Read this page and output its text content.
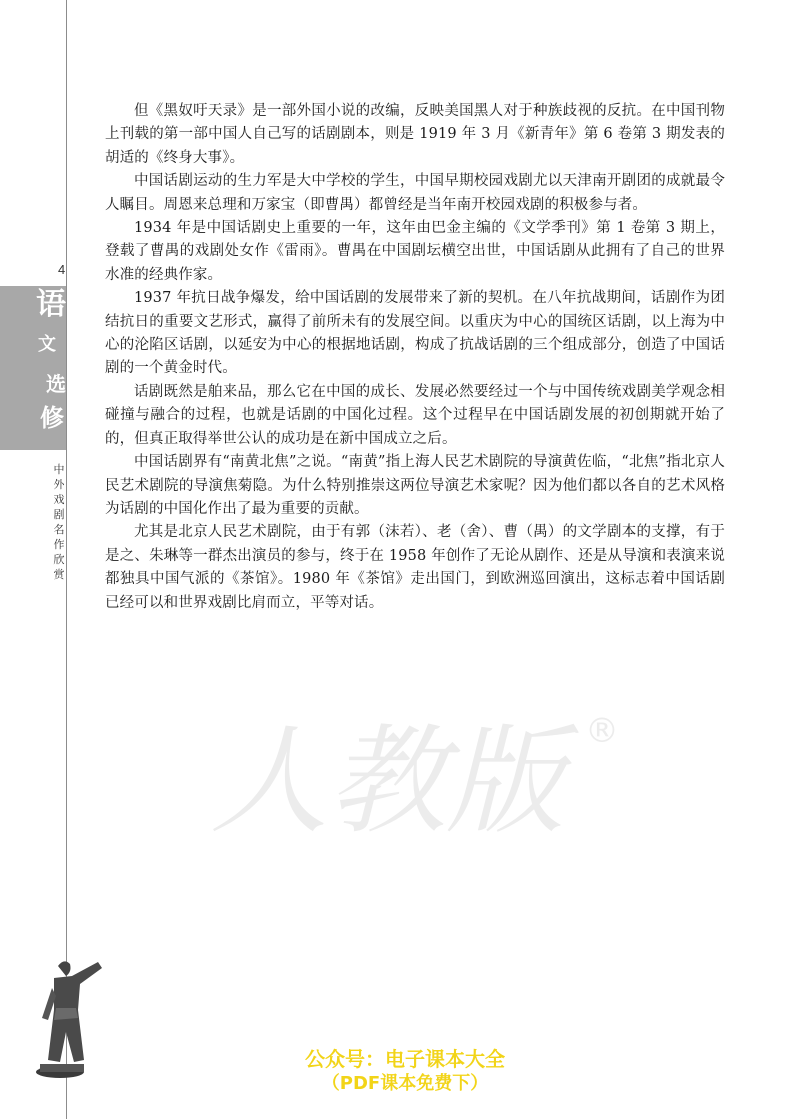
4
语
文
选
修
中外戏剧名作欣赏

但《黑奴吁天录》是一部外国小说的改编，反映美国黑人对于种族歧视的反抗。在中国刊物上刊载的第一部中国人自己写的话剧剧本，则是 1919 年 3 月《新青年》第 6 卷第 3 期发表的胡适的《终身大事》。

中国话剧运动的生力军是大中学校的学生，中国早期校园戏剧尤以天津南开剧团的成就最令人瞩目。周恩来总理和万家宝（即曹禺）都曾经是当年南开校园戏剧的积极参与者。

1934 年是中国话剧史上重要的一年，这年由巴金主编的《文学季刊》第 1 卷第 3 期上，登载了曹禺的戏剧处女作《雷雨》。曹禺在中国剧坛横空出世，中国话剧从此拥有了自己的世界水准的经典作家。

1937 年抗日战争爆发，给中国话剧的发展带来了新的契机。在八年抗战期间，话剧作为团结抗日的重要文艺形式，赢得了前所未有的发展空间。以重庆为中心的国统区话剧，以上海为中心的沦陷区话剧，以延安为中心的根据地话剧，构成了抗战话剧的三个组成部分，创造了中国话剧的一个黄金时代。

话剧既然是舶来品，那么它在中国的成长、发展必然要经过一个与中国传统戏剧美学观念相碰撞与融合的过程，也就是话剧的中国化过程。这个过程早在中国话剧发展的初创期就开始了的，但真正取得举世公认的成功是在新中国成立之后。

中国话剧界有“南黄北焦”之说。“南黄”指上海人民艺术剧院的导演黄佐临，“北焦”指北京人民艺术剧院的导演焦菊隐。为什么特别推崇这两位导演艺术家呢？因为他们都以各自的艺术风格为话剧的中国化作出了最为重要的贡献。

尤其是北京人民艺术剧院，由于有郭（沫若）、老（舍）、曹（禺）的文学剧本的支撑，有于是之、朱琳等一群杰出演员的参与，终于在 1958 年创作了无论从剧作、还是从导演和表演来说都独具中国气派的《茶馆》。1980 年《茶馆》走出国门，到欧洲巡回演出，这标志着中国话剧已经可以和世界戏剧比肩而立，平等对话。

人教版 ®
公众号：电子课本大全
（PDF课本免费下）
